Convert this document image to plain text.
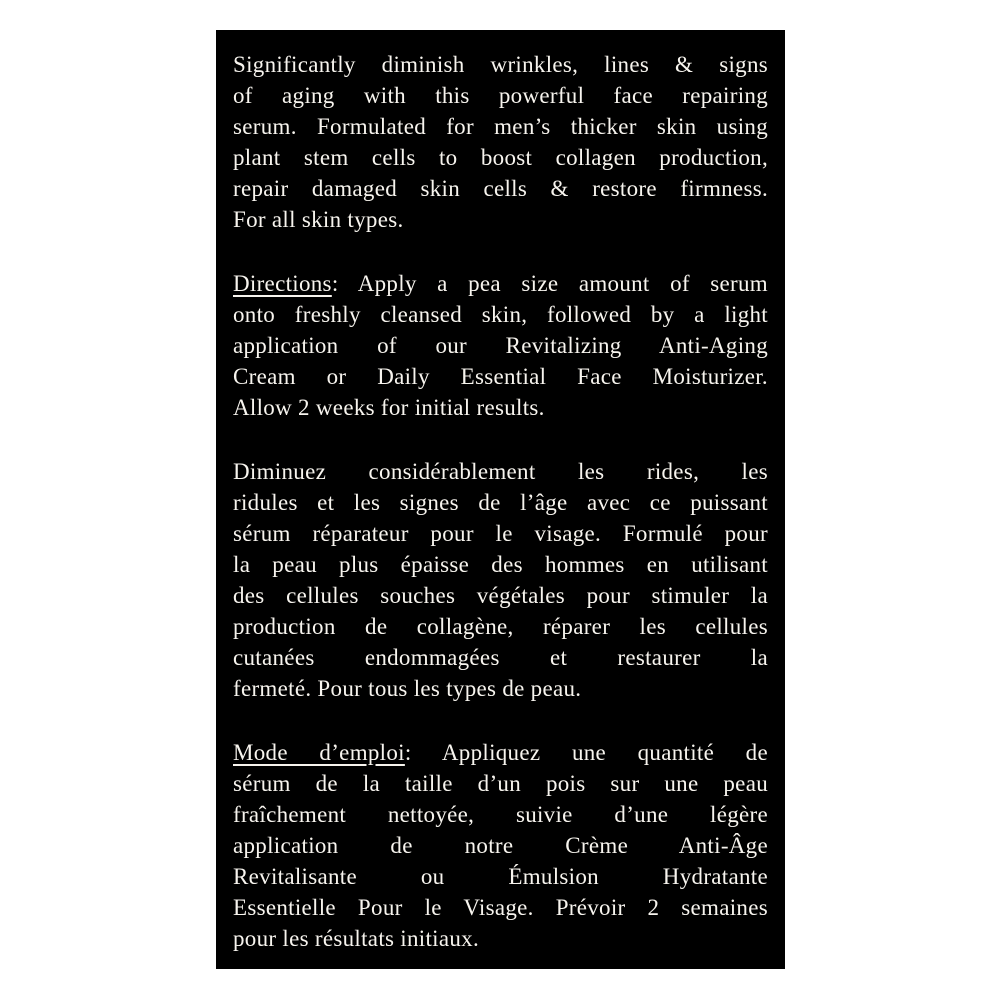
Significantly diminish wrinkles, lines & signs
of aging with this powerful face repairing
serum. Formulated for men’s thicker skin using
plant stem cells to boost collagen production,
repair damaged skin cells & restore firmness.
For all skin types.
Directions: Apply a pea size amount of serum
onto freshly cleansed skin, followed by a light
application of our Revitalizing Anti-Aging
Cream or Daily Essential Face Moisturizer.
Allow 2 weeks for initial results.
Diminuez considérablement les rides, les
ridules et les signes de l’âge avec ce puissant
sérum réparateur pour le visage. Formulé pour
la peau plus épaisse des hommes en utilisant
des cellules souches végétales pour stimuler la
production de collagène, réparer les cellules
cutanées endommagées et restaurer la
fermeté. Pour tous les types de peau.
Mode d’emploi: Appliquez une quantité de
sérum de la taille d’un pois sur une peau
fraîchement nettoyée, suivie d’une légère
application de notre Crème Anti-Âge
Revitalisante ou Émulsion Hydratante
Essentielle Pour le Visage. Prévoir 2 semaines
pour les résultats initiaux.
